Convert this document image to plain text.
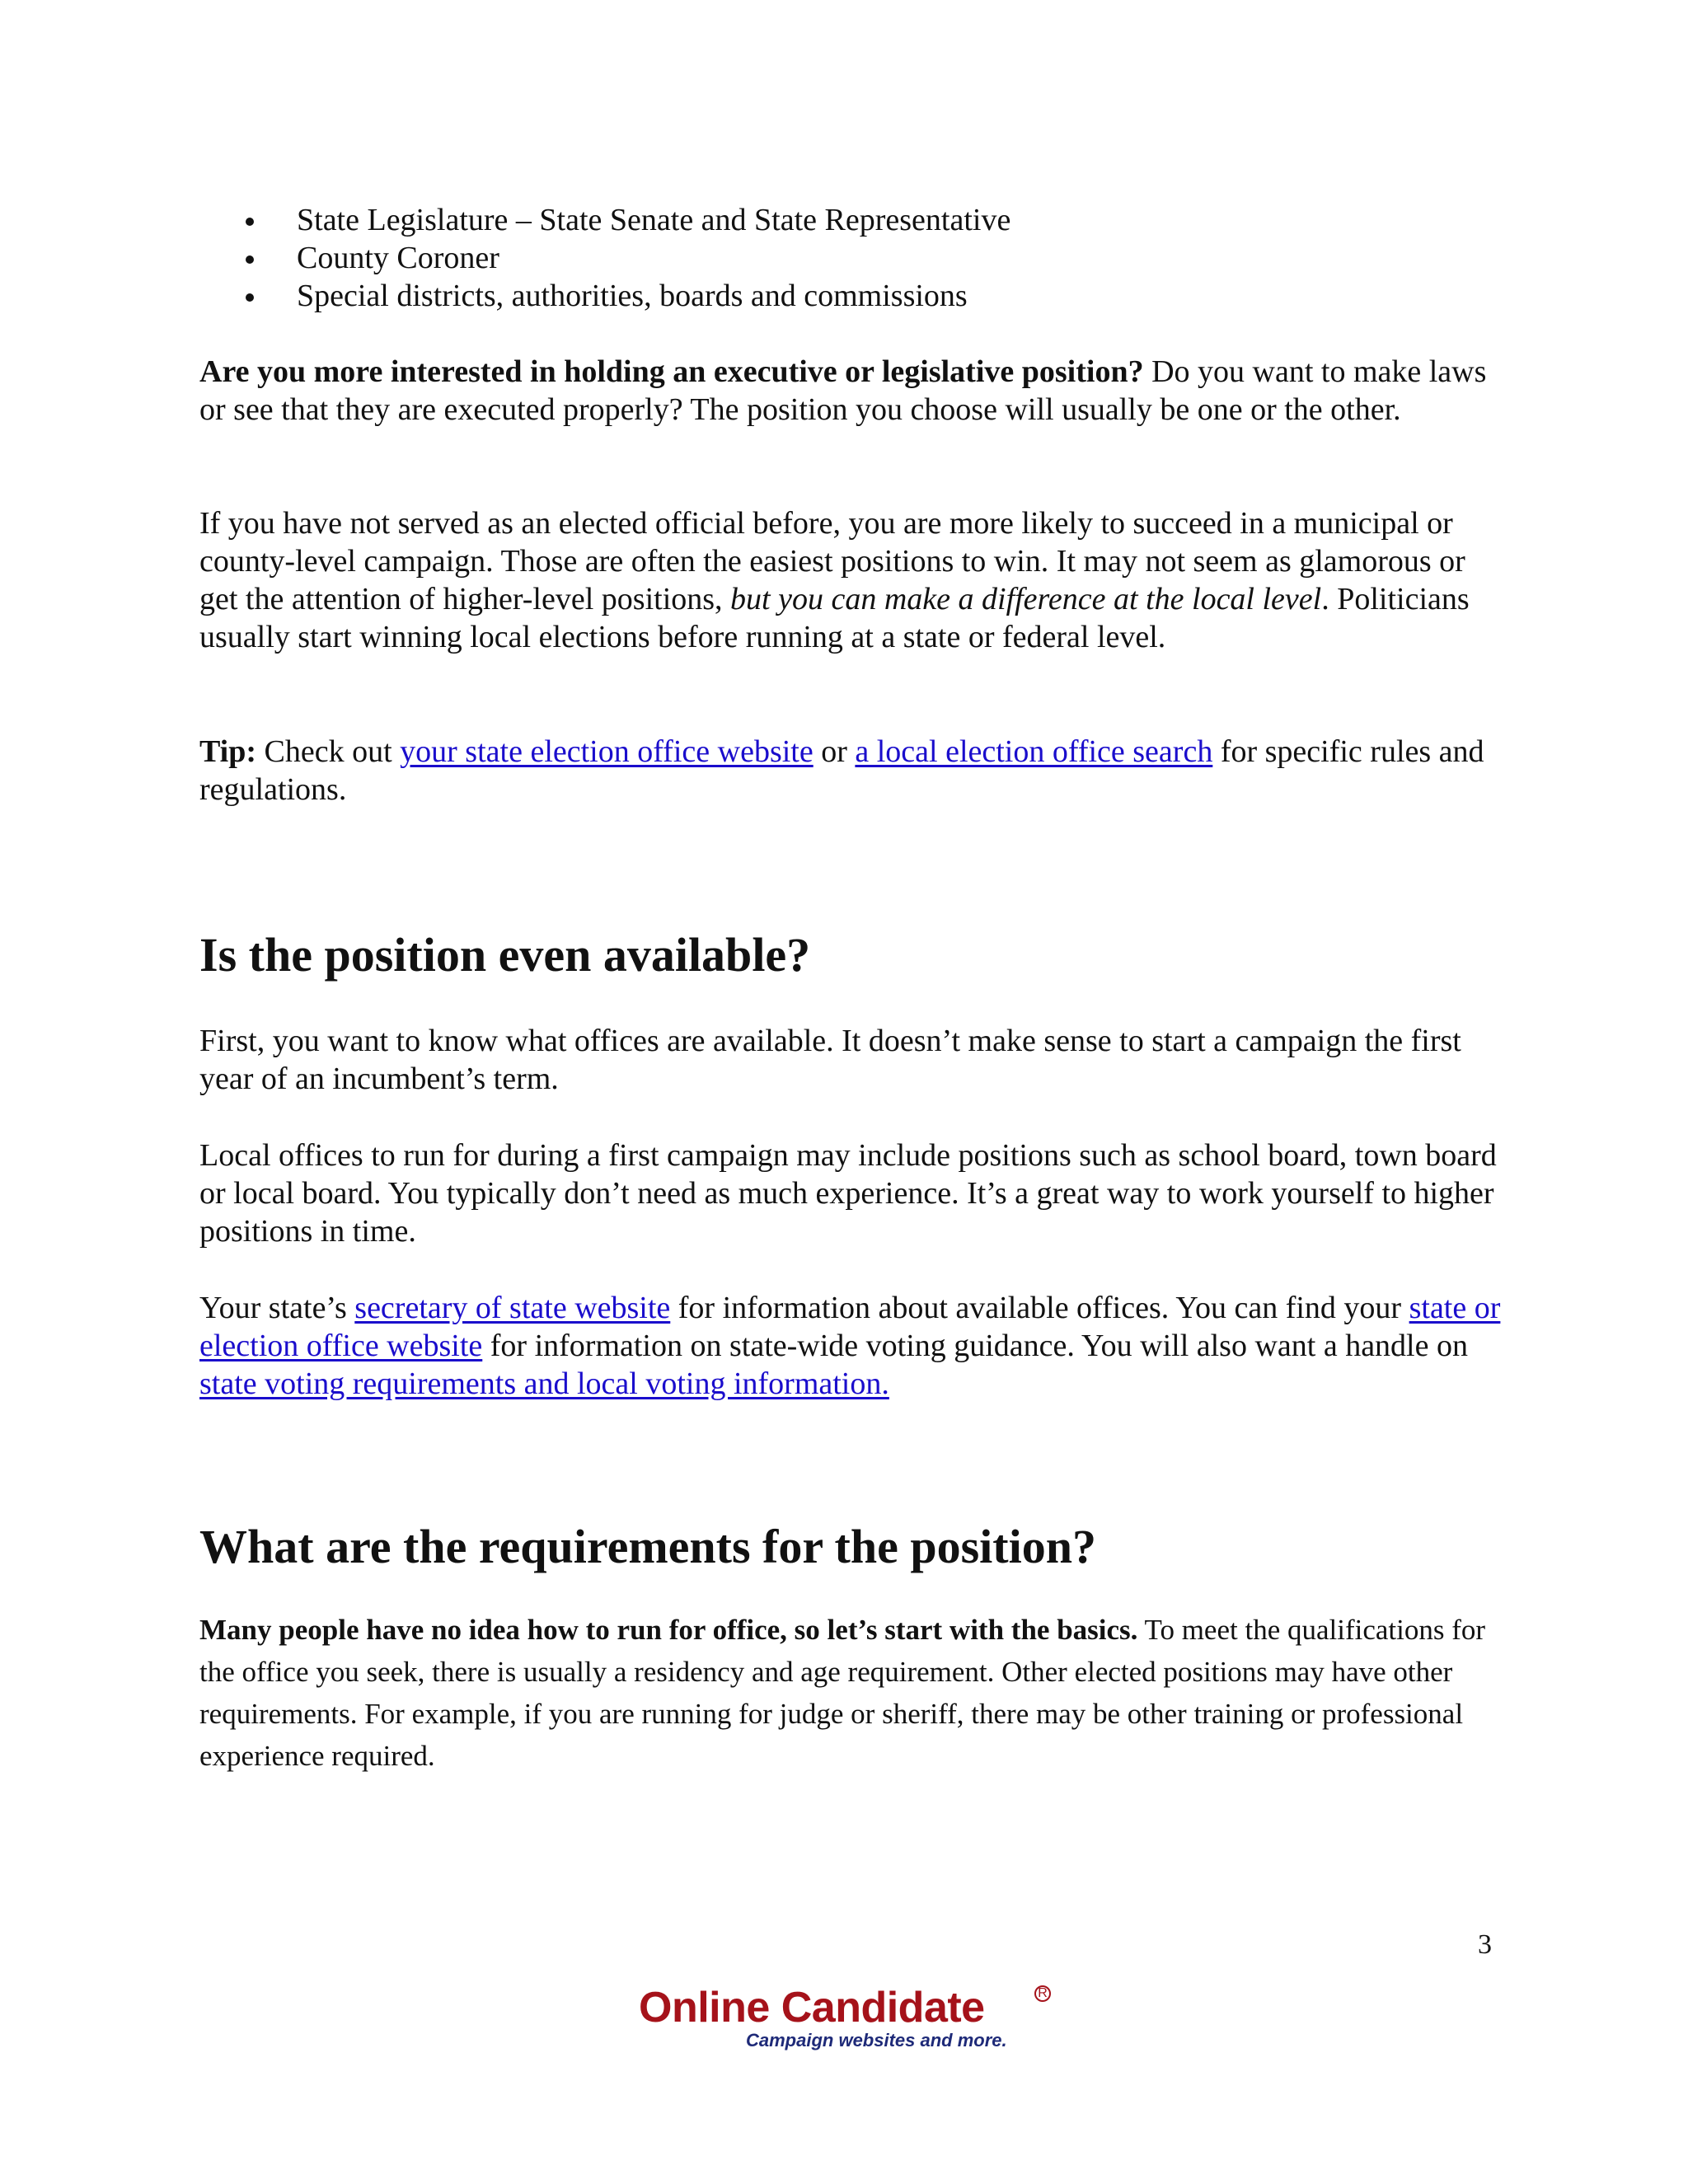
State Legislature – State Senate and State Representative
County Coroner
Special districts, authorities, boards and commissions

Are you more interested in holding an executive or legislative position? Do you want to make laws or see that they are executed properly? The position you choose will usually be one or the other.

If you have not served as an elected official before, you are more likely to succeed in a municipal or county-level campaign. Those are often the easiest positions to win. It may not seem as glamorous or get the attention of higher-level positions, but you can make a difference at the local level. Politicians usually start winning local elections before running at a state or federal level.

Tip: Check out your state election office website or a local election office search for specific rules and regulations.

Is the position even available?

First, you want to know what offices are available. It doesn’t make sense to start a campaign the first year of an incumbent’s term.

Local offices to run for during a first campaign may include positions such as school board, town board or local board. You typically don’t need as much experience. It’s a great way to work yourself to higher positions in time.

Your state’s secretary of state website for information about available offices. You can find your state or election office website for information on state-wide voting guidance. You will also want a handle on state voting requirements and local voting information.

What are the requirements for the position?

Many people have no idea how to run for office, so let’s start with the basics. To meet the qualifications for the office you seek, there is usually a residency and age requirement. Other elected positions may have other requirements. For example, if you are running for judge or sheriff, there may be other training or professional experience required.

3
Online Candidate	R
Campaign websites and more.
